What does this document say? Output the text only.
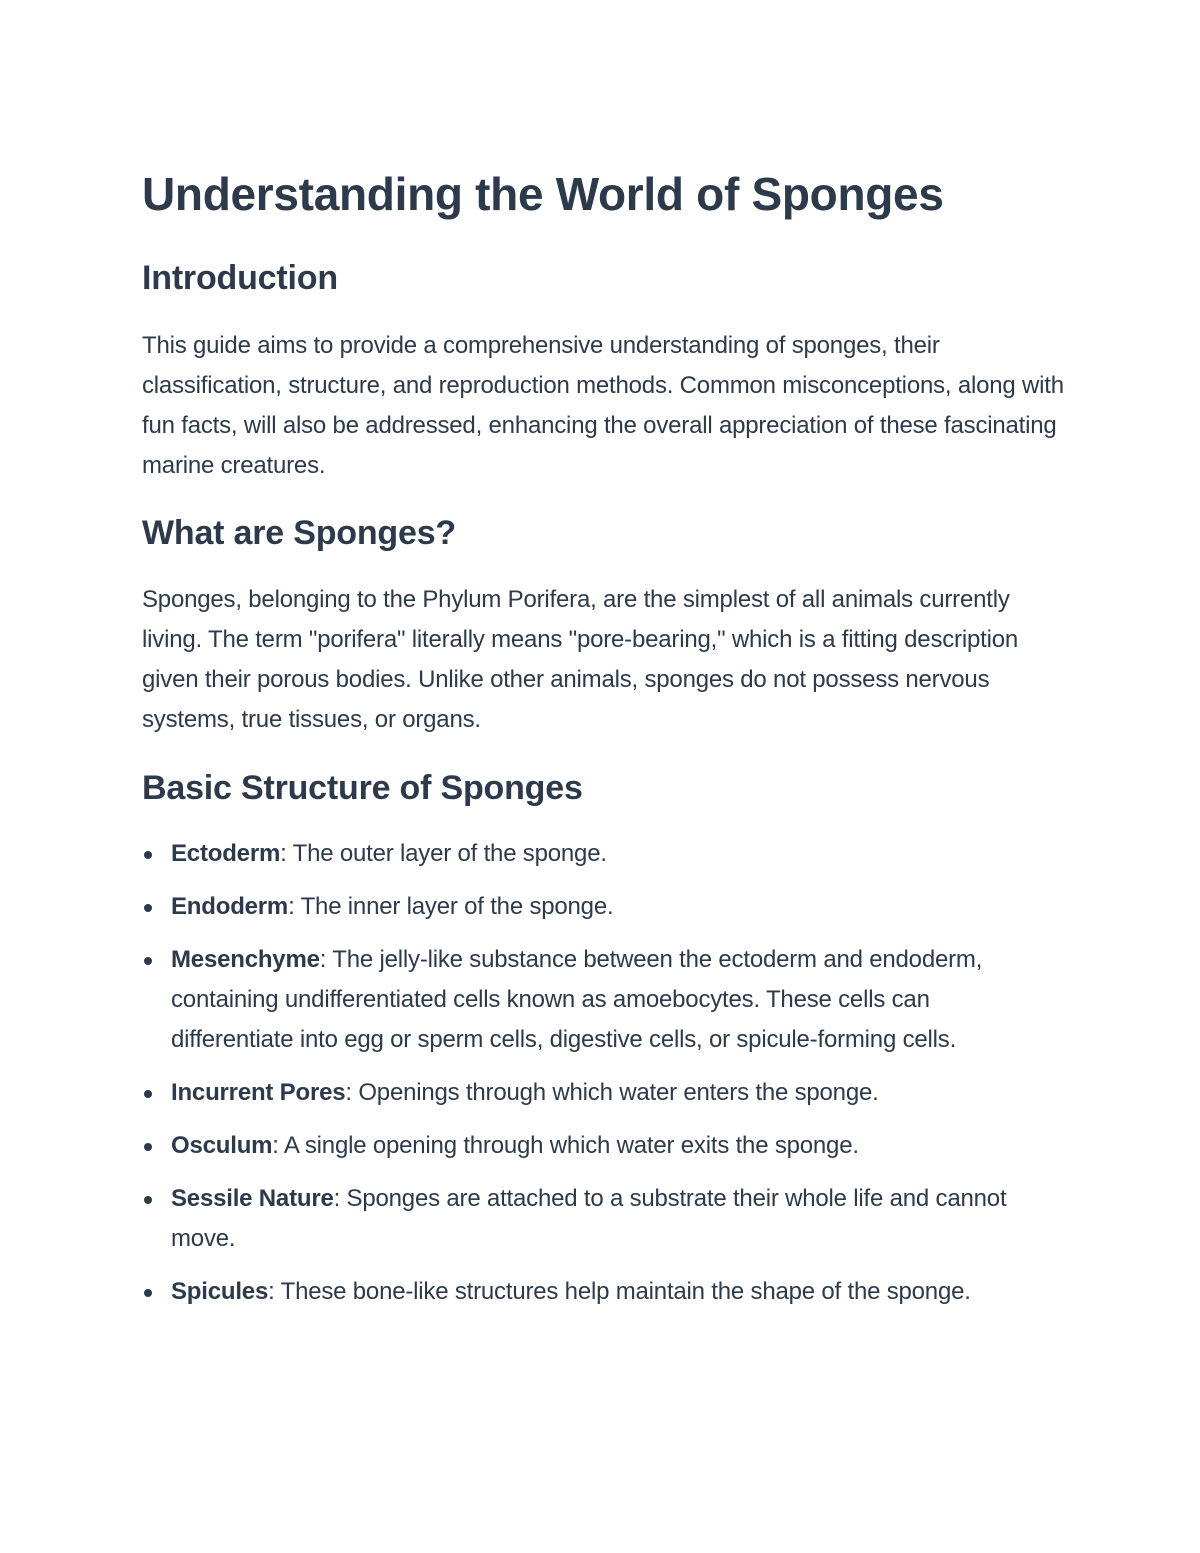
Understanding the World of Sponges
Introduction

This guide aims to provide a comprehensive understanding of sponges, their classification, structure, and reproduction methods. Common misconceptions, along with fun facts, will also be addressed, enhancing the overall appreciation of these fascinating marine creatures.

What are Sponges?

Sponges, belonging to the Phylum Porifera, are the simplest of all animals currently living. The term "porifera" literally means "pore-bearing," which is a fitting description given their porous bodies. Unlike other animals, sponges do not possess nervous systems, true tissues, or organs.

Basic Structure of Sponges
Ectoderm: The outer layer of the sponge.
Endoderm: The inner layer of the sponge.
Mesenchyme: The jelly-like substance between the ectoderm and endoderm, containing undifferentiated cells known as amoebocytes. These cells can differentiate into egg or sperm cells, digestive cells, or spicule-forming cells.
Incurrent Pores: Openings through which water enters the sponge.
Osculum: A single opening through which water exits the sponge.
Sessile Nature: Sponges are attached to a substrate their whole life and cannot move.
Spicules: These bone-like structures help maintain the shape of the sponge.
